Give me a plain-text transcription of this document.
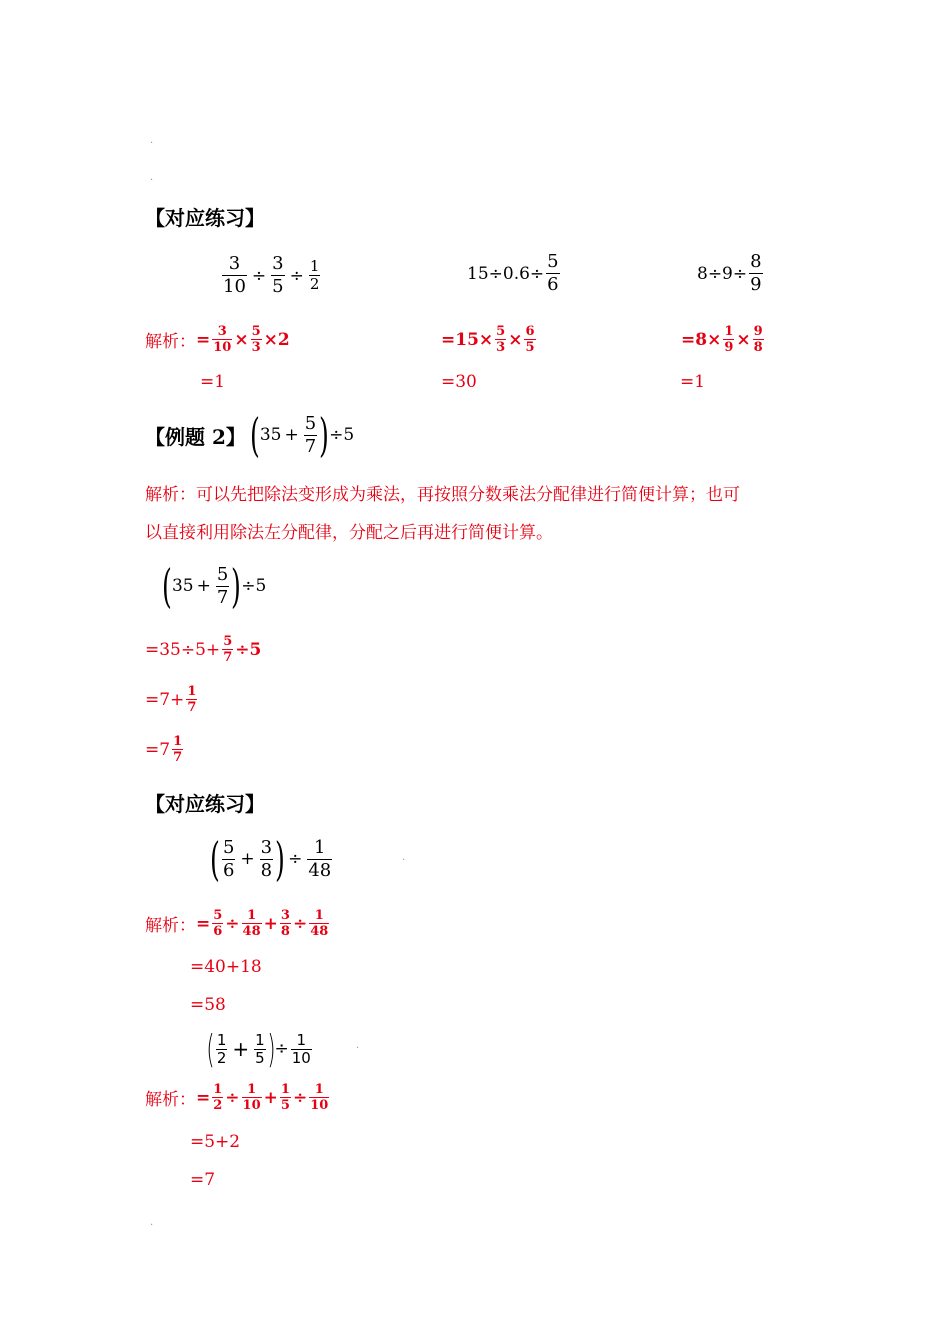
·
·
【对应练习】
$\frac{3}{10} \div \frac{3}{5} \div \frac{1}{2}$	$15\div 0.6\div \frac{5}{6}$	$8\div 9\div \frac{8}{9}$
解析： = $\frac{3}{10} \times \frac{5}{3} \times 2$	$=15\times \frac{5}{3} \times \frac{6}{5}$	$=8\times \frac{1}{9} \times \frac{9}{8}$
=1	=30	=1
【例题 2】 ( $35 + \frac{5}{7}$ ) ÷5
解析：可以先把除法变形成为乘法，再按照分数乘法分配律进行简便计算；也可
以直接利用除法左分配律，分配之后再进行简便计算。
( $35 + \frac{5}{7}$ ) ÷5
$=35\div 5+ \frac{5}{7} \div 5$
$=7+ \frac{1}{7}$
$=7 \frac{1}{7}$
【对应练习】
( $\frac{5}{6} + \frac{3}{8}$ ) ÷ $\frac{1}{48}$	·
解析： = $\frac{5}{6} \div \frac{1}{48} + \frac{3}{8} \div \frac{1}{48}$
=40+18
=58
( $\frac{1}{2} + \frac{1}{5}$ ) ÷ $\frac{1}{10}$	·
解析： = $\frac{1}{2} \div \frac{1}{10} + \frac{1}{5} \div \frac{1}{10}$
=5+2
=7
·
